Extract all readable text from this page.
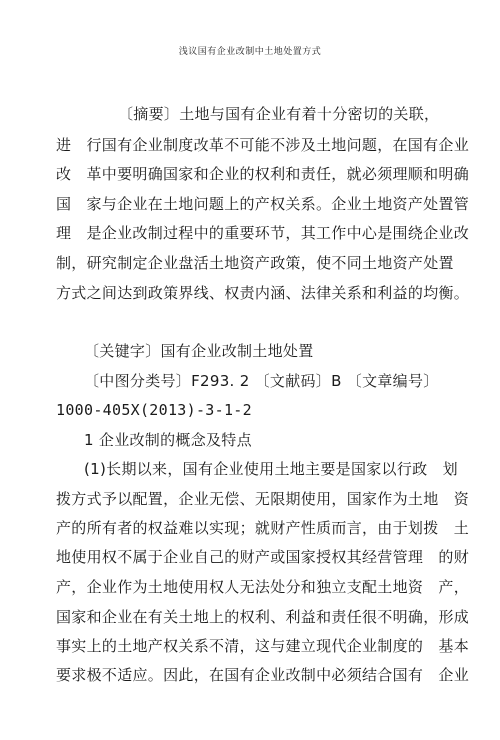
浅议国有企业改制中土地处置方式
〔摘要〕土地与国有企业有着十分密切的关联，
进   行国有企业制度改革不可能不涉及土地问题，在国有企业
改   革中要明确国家和企业的权利和责任，就必须理顺和明确
国   家与企业在土地问题上的产权关系。企业土地资产处置管
理   是企业改制过程中的重要环节，其工作中心是围绕企业改
制，研究制定企业盘活土地资产政策，使不同土地资产处置
方式之间达到政策界线、权责内涵、法律关系和利益的均衡。
〔关键字〕国有企业改制土地处置
〔中图分类号〕F293. 2 〔文献码〕B 〔文章编号〕
1000-405X(2013)-3-1-2
1 企业改制的概念及特点
(1)长期以来，国有企业使用土地主要是国家以行政   划
拨方式予以配置，企业无偿、无限期使用，国家作为土地   资
产的所有者的权益难以实现；就财产性质而言，由于划拨   土
地使用权不属于企业自己的财产或国家授权其经营管理   的财
产，企业作为土地使用权人无法处分和独立支配土地资   产，
国家和企业在有关土地上的权利、利益和责任很不明确，形成
事实上的土地产权关系不清，这与建立现代企业制度的   基本
要求极不适应。因此，在国有企业改制中必须结合国有   企业
